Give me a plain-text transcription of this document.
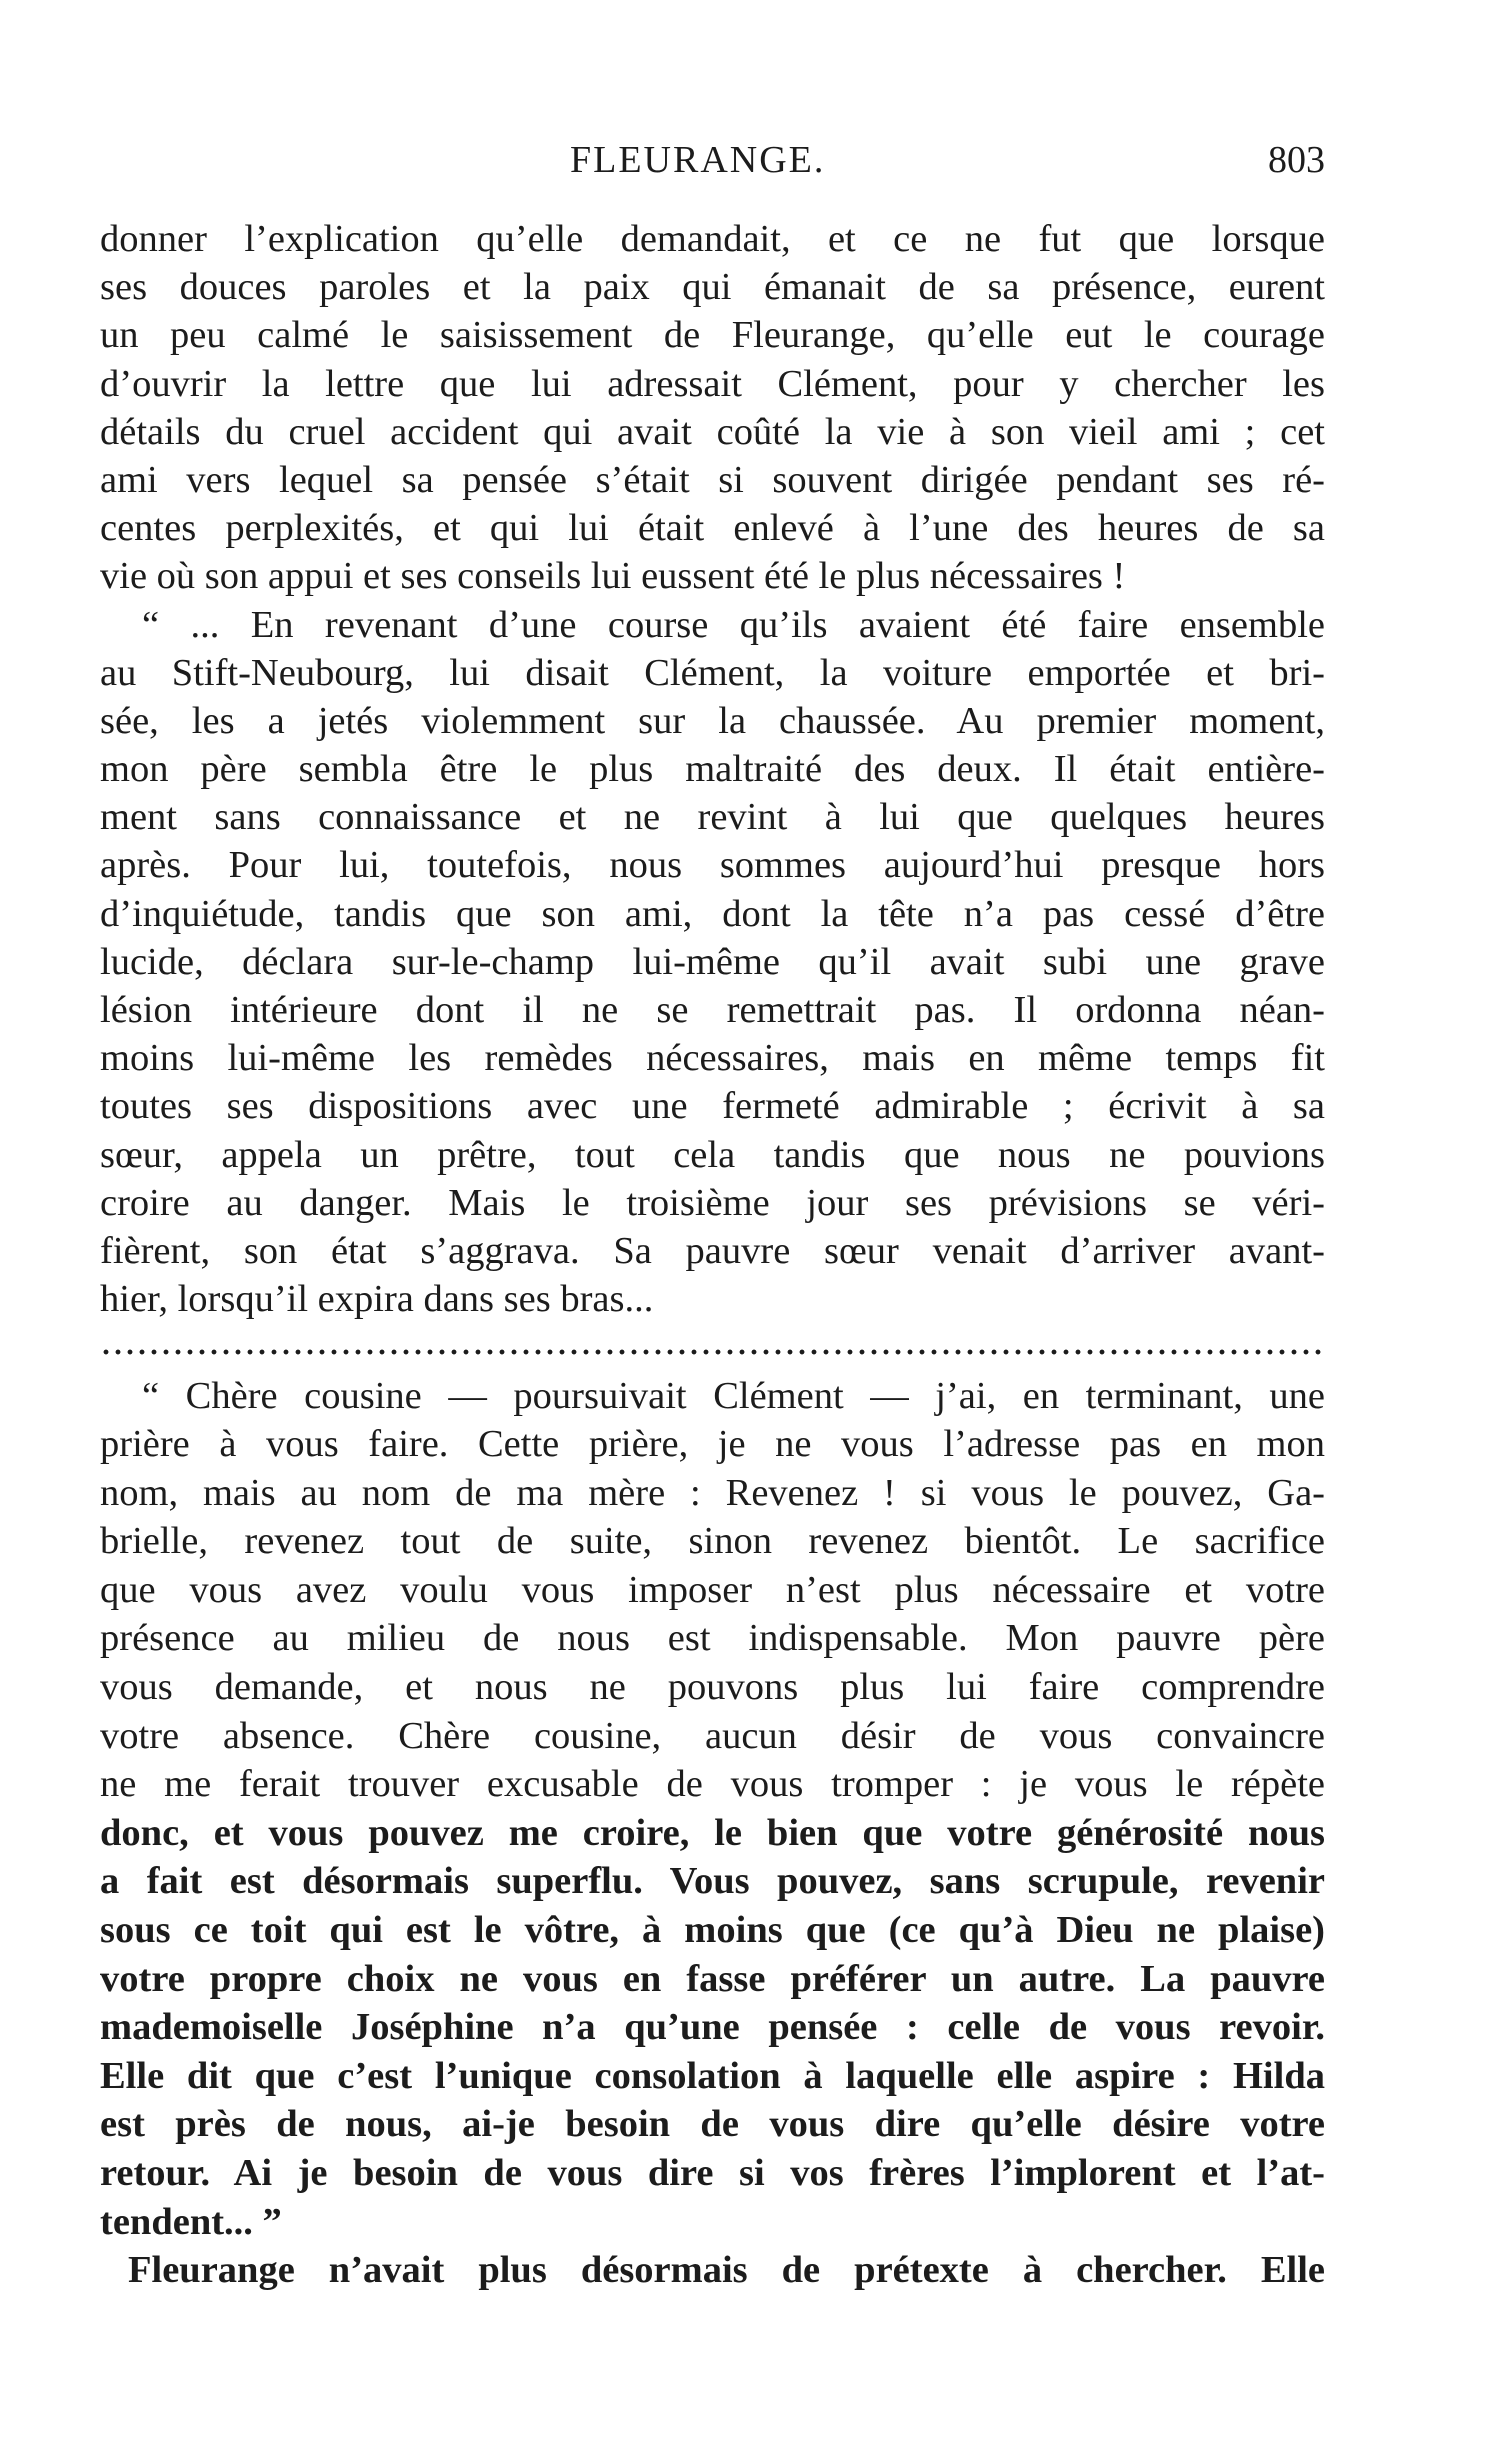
FLEURANGE.	803
donner l’explication qu’elle demandait, et ce ne fut que lorsque
ses douces paroles et la paix qui émanait de sa présence, eurent
un peu calmé le saisissement de Fleurange, qu’elle eut le courage
d’ouvrir la lettre que lui adressait Clément, pour y chercher les
détails du cruel accident qui avait coûté la vie à son vieil ami ; cet
ami vers lequel sa pensée s’était si souvent dirigée pendant ses ré-
centes perplexités, et qui lui était enlevé à l’une des heures de sa
vie où son appui et ses conseils lui eussent été le plus nécessaires !
“ ... En revenant d’une course qu’ils avaient été faire ensemble
au Stift-Neubourg, lui disait Clément, la voiture emportée et bri-
sée, les a jetés violemment sur la chaussée. Au premier moment,
mon père sembla être le plus maltraité des deux. Il était entière-
ment sans connaissance et ne revint à lui que quelques heures
après. Pour lui, toutefois, nous sommes aujourd’hui presque hors
d’inquiétude, tandis que son ami, dont la tête n’a pas cessé d’être
lucide, déclara sur-le-champ lui-même qu’il avait subi une grave
lésion intérieure dont il ne se remettrait pas. Il ordonna néan-
moins lui-même les remèdes nécessaires, mais en même temps fit
toutes ses dispositions avec une fermeté admirable ; écrivit à sa
sœur, appela un prêtre, tout cela tandis que nous ne pouvions
croire au danger. Mais le troisième jour ses prévisions se véri-
fièrent, son état s’aggrava. Sa pauvre sœur venait d’arriver avant-
hier, lorsqu’il expira dans ses bras...
“ Chère cousine — poursuivait Clément — j’ai, en terminant, une
prière à vous faire. Cette prière, je ne vous l’adresse pas en mon
nom, mais au nom de ma mère : Revenez ! si vous le pouvez, Ga-
brielle, revenez tout de suite, sinon revenez bientôt. Le sacrifice
que vous avez voulu vous imposer n’est plus nécessaire et votre
présence au milieu de nous est indispensable. Mon pauvre père
vous demande, et nous ne pouvons plus lui faire comprendre
votre absence. Chère cousine, aucun désir de vous convaincre
ne me ferait trouver excusable de vous tromper : je vous le répète
donc, et vous pouvez me croire, le bien que votre générosité nous
a fait est désormais superflu. Vous pouvez, sans scrupule, revenir
sous ce toit qui est le vôtre, à moins que (ce qu’à Dieu ne plaise)
votre propre choix ne vous en fasse préférer un autre. La pauvre
mademoiselle Joséphine n’a qu’une pensée : celle de vous revoir.
Elle dit que c’est l’unique consolation à laquelle elle aspire : Hilda
est près de nous, ai-je besoin de vous dire qu’elle désire votre
retour. Ai je besoin de vous dire si vos frères l’implorent et l’at-
tendent... ”
Fleurange n’avait plus désormais de prétexte à chercher. Elle
